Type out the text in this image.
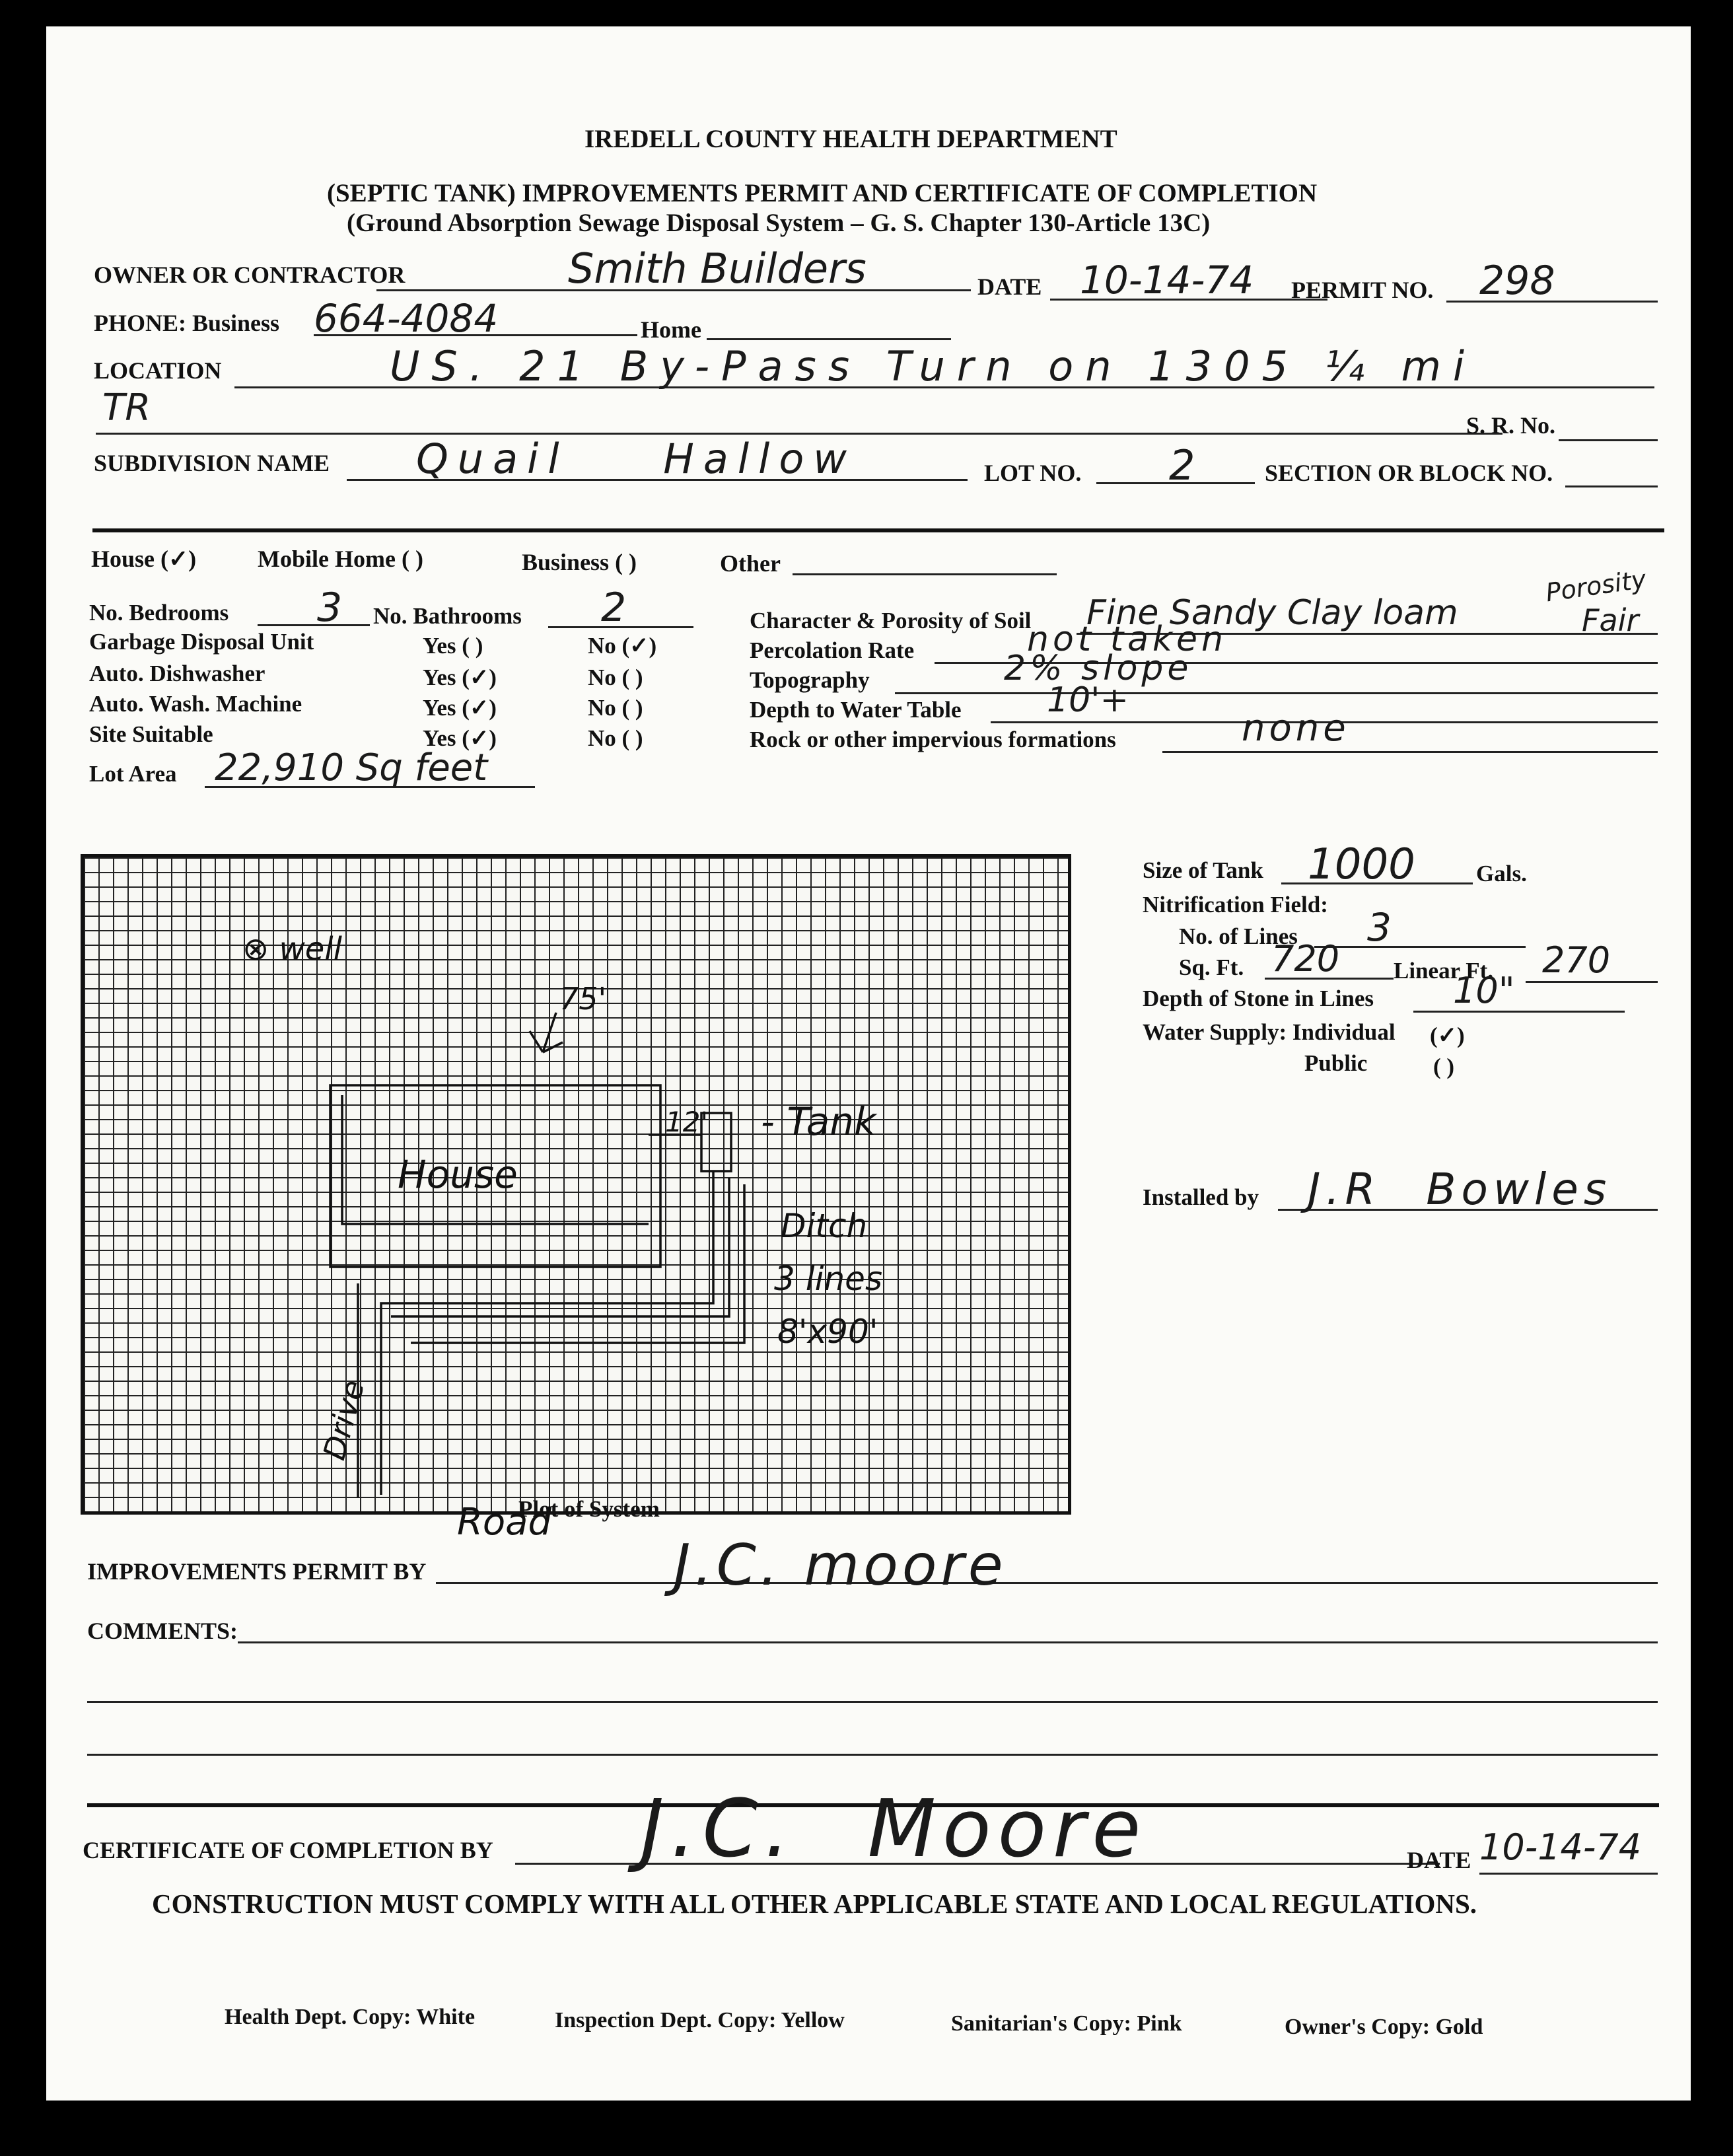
IREDELL COUNTY HEALTH DEPARTMENT
(SEPTIC TANK) IMPROVEMENTS PERMIT AND CERTIFICATE OF COMPLETION
(Ground Absorption Sewage Disposal System – G. S. Chapter 130-Article 13C)
OWNER OR CONTRACTOR	Smith Builders	DATE 10-14-74 PERMIT NO. 298
PHONE: Business 664-4084	Home
LOCATION	US. 21 By-Pass Turn on 1305 ¼ mi
TR	S. R. No.
SUBDIVISION NAME Quail Hallow	LOT NO. 2	SECTION OR BLOCK NO.
House (✓)	Mobile Home ( )	Business ( )	Other
No. Bedrooms 3 No. Bathrooms 2
Garbage Disposal Unit	Yes ( )	No (✓)
Auto. Dishwasher	Yes (✓)	No ( )
Auto. Wash. Machine	Yes (✓)	No ( )
Site Suitable	Yes (✓)	No ( )
Lot Area 22,910 Sq feet
Porosity
Character & Porosity of Soil Fine Sandy Clay loam	Fair
Percolation Rate	not taken
Topography	2% slope
Depth to Water Table 10'+
Rock or other impervious formations	none
⊗ well
75'
House
12' - Tank
Ditch
3 lines
8'x90'
Drive
Road
Plot of System
Size of Tank 1000	Gals.
Nitrification Field:
No. of Lines 3
Sq. Ft. 720 Linear Ft. 270
Depth of Stone in Lines 10"
Water Supply: Individual (✓)
Public	( )
Installed by J.R Bowles
IMPROVEMENTS PERMIT BY	J.C. moore
COMMENTS:
CERTIFICATE OF COMPLETION BY J.C. Moore	DATE 10-14-74
CONSTRUCTION MUST COMPLY WITH ALL OTHER APPLICABLE STATE AND LOCAL REGULATIONS.
Health Dept. Copy: White	Inspection Dept. Copy: Yellow	Sanitarian's Copy: Pink	Owner's Copy: Gold
